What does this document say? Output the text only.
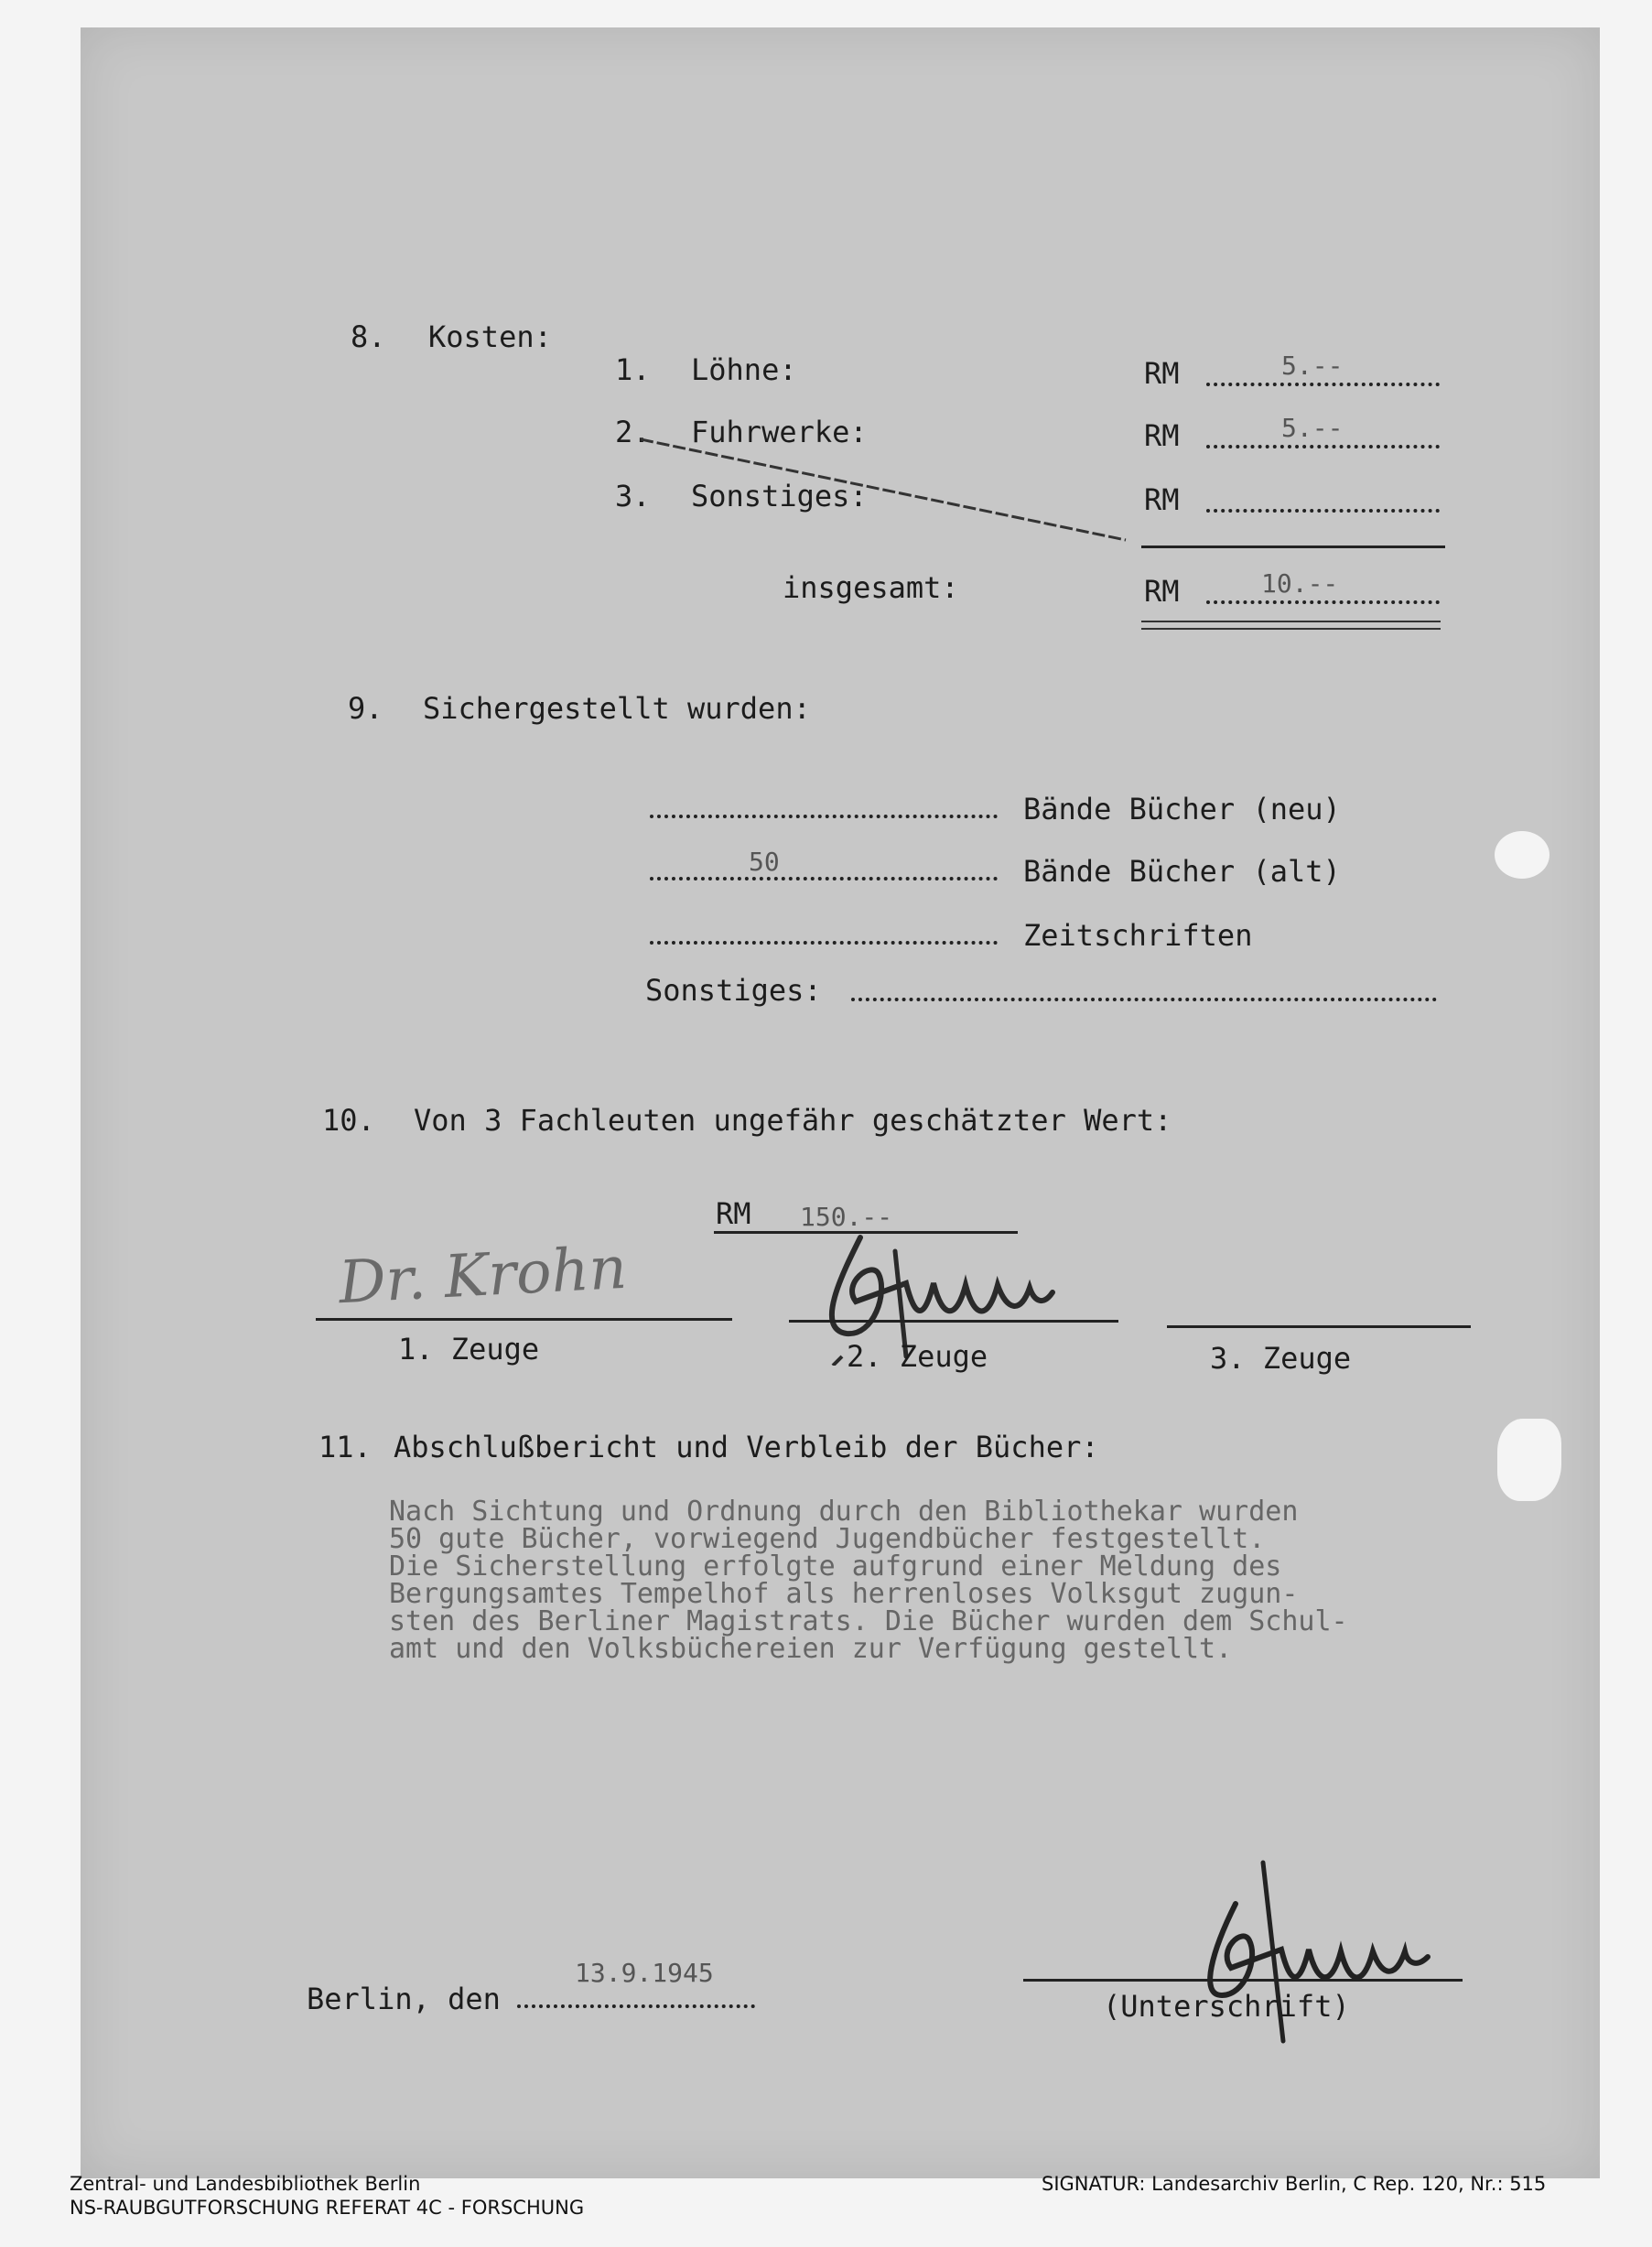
8. Kosten:
1. Löhne:	RM	5.--
2. Fuhrwerke:	RM	5.--
3. Sonstiges:	RM
insgesamt:	RM	10.--
9. Sichergestellt wurden:
Bände Bücher (neu)
50	Bände Bücher (alt)
Zeitschriften
Sonstiges:
10. Von 3 Fachleuten ungefähr geschätzter Wert:
RM 150.--
Dr. Krohn
1. Zeuge	2. Zeuge	3. Zeuge
11. Abschlußbericht und Verbleib der Bücher:
Nach Sichtung und Ordnung durch den Bibliothekar wurden
50 gute Bücher, vorwiegend Jugendbücher festgestellt.
Die Sicherstellung erfolgte aufgrund einer Meldung des
Bergungsamtes Tempelhof als herrenloses Volksgut zugun-
sten des Berliner Magistrats. Die Bücher wurden dem Schul-
amt und den Volksbüchereien zur Verfügung gestellt.
Berlin, den
13.9.1945
(Unterschrift)
Zentral- und Landesbibliothek Berlin
NS-RAUBGUTFORSCHUNG REFERAT 4C - FORSCHUNG
SIGNATUR: Landesarchiv Berlin, C Rep. 120, Nr.: 515
